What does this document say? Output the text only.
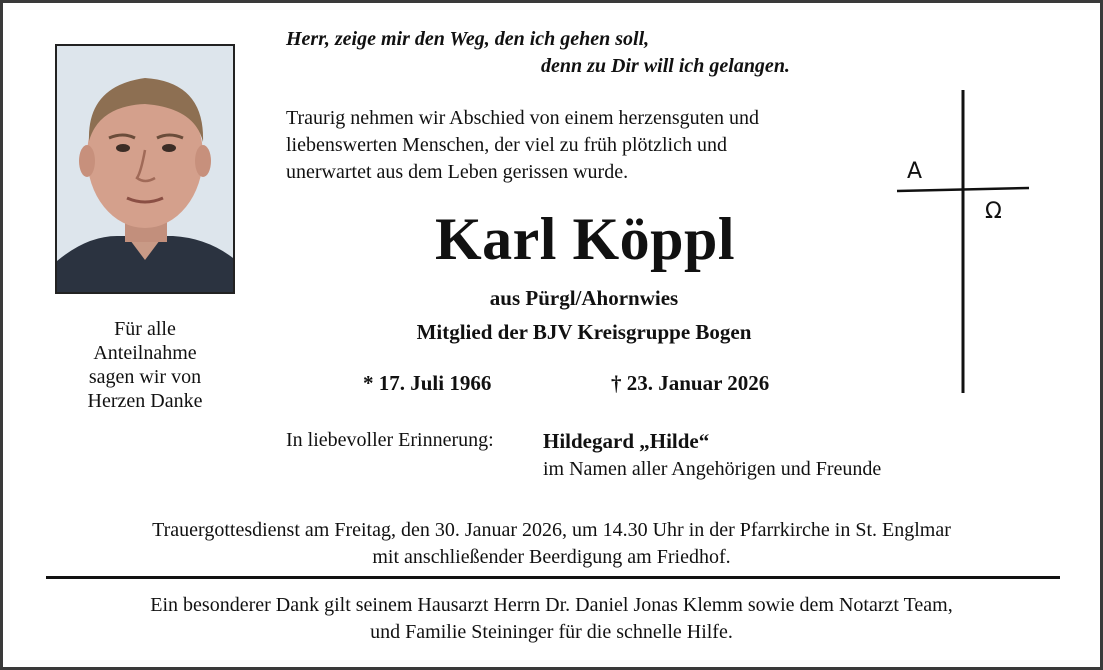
Herr, zeige mir den Weg, den ich gehen soll,
denn zu Dir will ich gelangen.
Für alle
Anteilnahme
sagen wir von
Herzen Danke
Traurig nehmen wir Abschied von einem herzensguten und
liebenswerten Menschen, der viel zu früh plötzlich und
unerwartet aus dem Leben gerissen wurde.
Karl Köppl
aus Pürgl/Ahornwies
Mitglied der BJV Kreisgruppe Bogen
* 17. Juli 1966	† 23. Januar 2026
A
Ω
In liebevoller Erinnerung: Hildegard „Hilde“
im Namen aller Angehörigen und Freunde
Trauergottesdienst am Freitag, den 30. Januar 2026, um 14.30 Uhr in der Pfarrkirche in St. Englmar
mit anschließender Beerdigung am Friedhof.
Ein besonderer Dank gilt seinem Hausarzt Herrn Dr. Daniel Jonas Klemm sowie dem Notarzt Team,
und Familie Steininger für die schnelle Hilfe.
